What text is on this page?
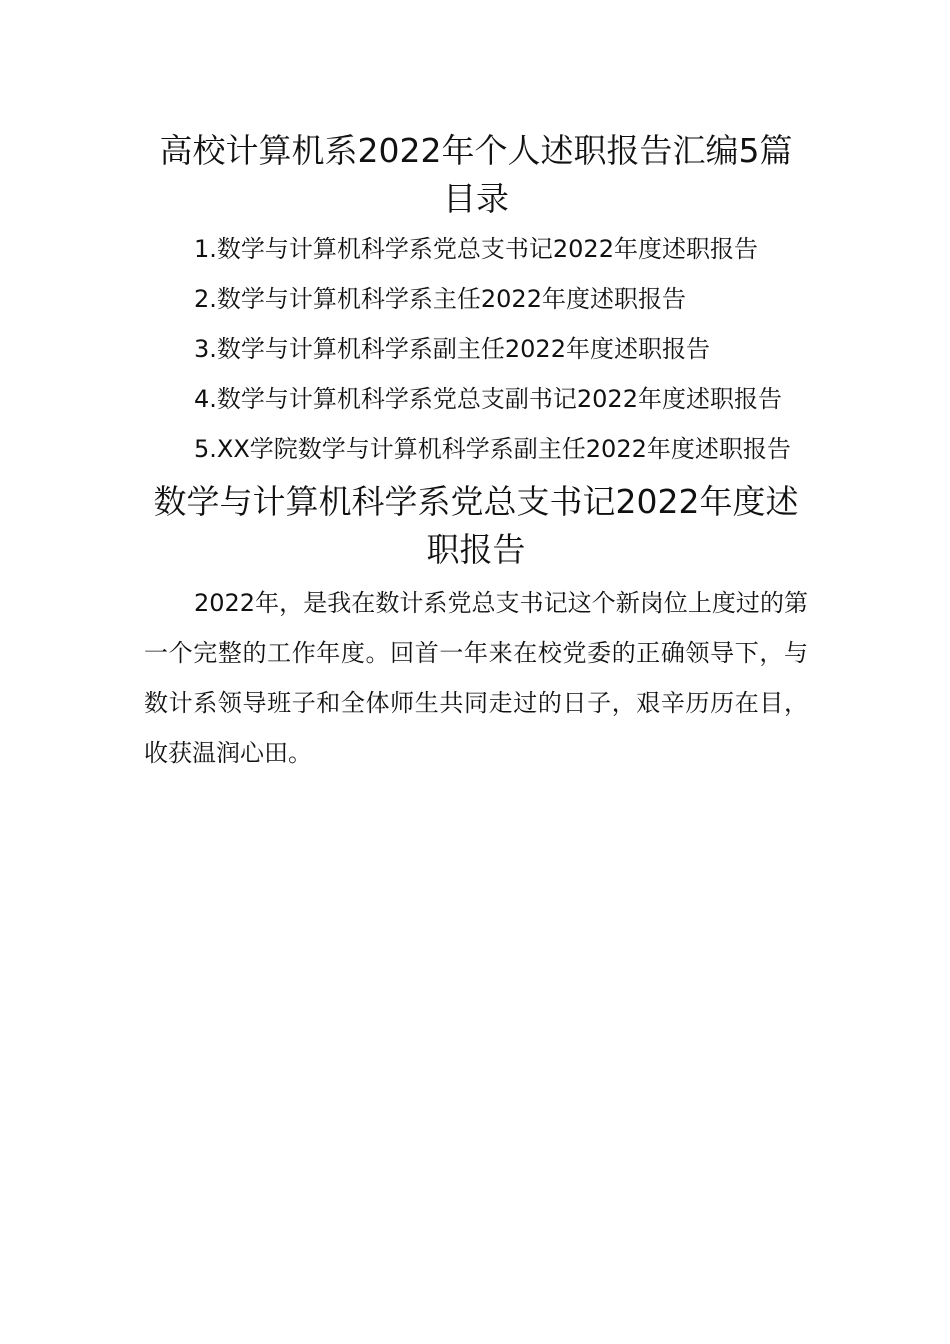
高校计算机系2022年个人述职报告汇编5篇
目录
1.数学与计算机科学系党总支书记2022年度述职报告
2.数学与计算机科学系主任2022年度述职报告
3.数学与计算机科学系副主任2022年度述职报告
4.数学与计算机科学系党总支副书记2022年度述职报告
5.XX学院数学与计算机科学系副主任2022年度述职报告
数学与计算机科学系党总支书记2022年度述职报告

2022年，是我在数计系党总支书记这个新岗位上度过的第一个完整的工作年度。回首一年来在校党委的正确领导下，与数计系领导班子和全体师生共同走过的日子，艰辛历历在目，收获温润心田。
